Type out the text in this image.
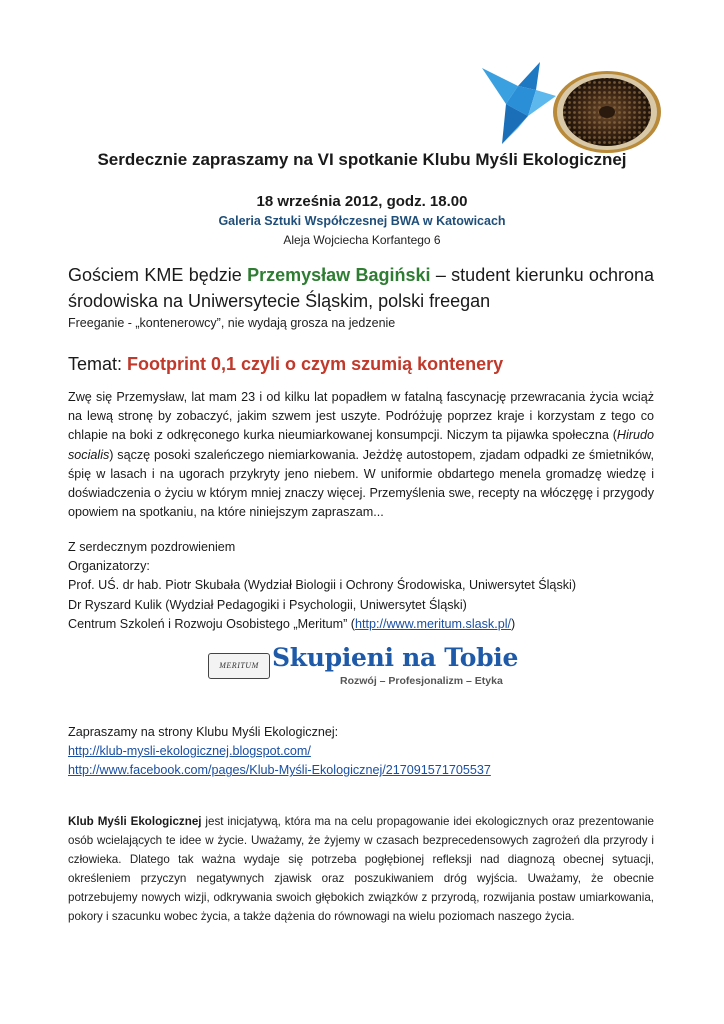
Serdecznie zapraszamy na VI spotkanie Klubu Myśli Ekologicznej
18 września 2012, godz. 18.00
Galeria Sztuki Współczesnej BWA w Katowicach
Aleja Wojciecha Korfantego 6
Gościem KME będzie Przemysław Bagiński – student kierunku ochrona środowiska na Uniwersytecie Śląskim, polski freegan
Freeganie - „kontenerowcy”, nie wydają grosza na jedzenie
Temat: Footprint 0,1 czyli o czym szumią kontenery
Zwę się Przemysław, lat mam 23 i od kilku lat popadłem w fatalną fascynację przewracania życia wciąż na lewą stronę by zobaczyć, jakim szwem jest uszyte. Podróżuję poprzez kraje i korzystam z tego co chlapie na boki z odkręconego kurka nieumiarkowanej konsumpcji. Niczym ta pijawka społeczna (Hirudo socialis) sączę posoki szaleńczego niemiarkowania. Jeżdżę autostopem, zjadam odpadki ze śmietników, śpię w lasach i na ugorach przykryty jeno niebem. W uniformie obdartego menela gromadzę wiedzę i doświadczenia o życiu w którym mniej znaczy więcej. Przemyślenia swe, recepty na włóczęgę i przygody opowiem na spotkaniu, na które niniejszym zapraszam...
Z serdecznym pozdrowieniem
Organizatorzy:
Prof. UŚ. dr hab. Piotr Skubała (Wydział Biologii i Ochrony Środowiska, Uniwersytet Śląski)
Dr Ryszard Kulik (Wydział Pedagogiki i Psychologii, Uniwersytet Śląski)
Centrum Szkoleń i Rozwoju Osobistego „Meritum” (http://www.meritum.slask.pl/)
MERITUM Skupieni na Tobie
Rozwój – Profesjonalizm – Etyka
Zapraszamy na strony Klubu Myśli Ekologicznej:
http://klub-mysli-ekologicznej.blogspot.com/
http://www.facebook.com/pages/Klub-Myśli-Ekologicznej/217091571705537
Klub Myśli Ekologicznej jest inicjatywą, która ma na celu propagowanie idei ekologicznych oraz prezentowanie osób wcielających te idee w życie. Uważamy, że żyjemy w czasach bezprecedensowych zagrożeń dla przyrody i człowieka. Dlatego tak ważna wydaje się potrzeba pogłębionej refleksji nad diagnozą obecnej sytuacji, określeniem przyczyn negatywnych zjawisk oraz poszukiwaniem dróg wyjścia. Uważamy, że obecnie potrzebujemy nowych wizji, odkrywania swoich głębokich związków z przyrodą, rozwijania postaw umiarkowania, pokory i szacunku wobec życia, a także dążenia do równowagi na wielu poziomach naszego życia.
